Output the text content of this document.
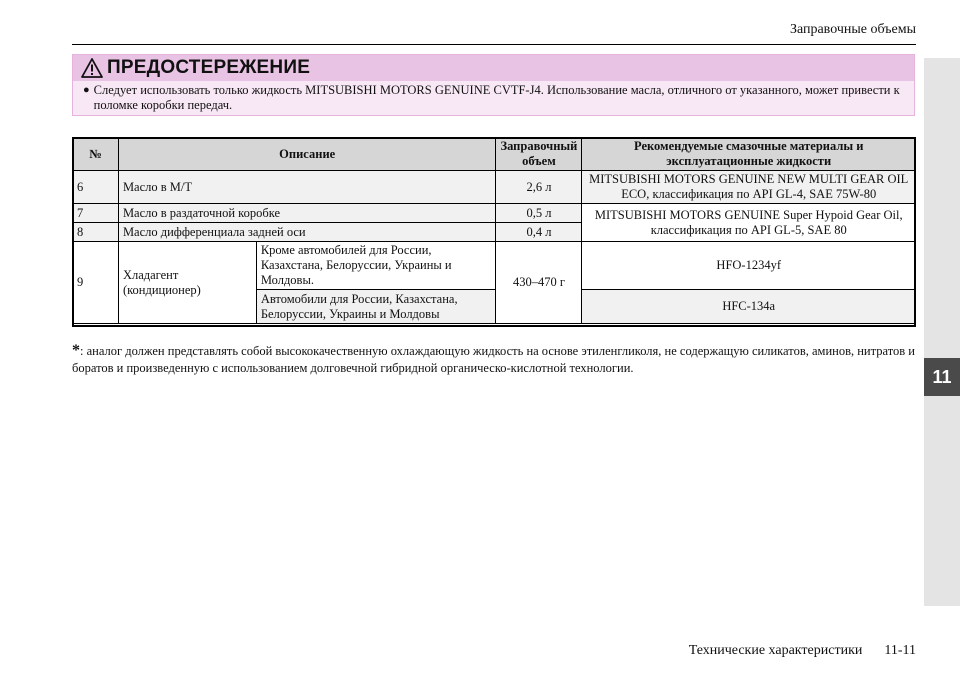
Заправочные объемы
11
ПРЕДОСТЕРЕЖЕНИЕ
● Следует использовать только жидкость MITSUBISHI MOTORS GENUINE CVTF-J4. Использование масла, отличного от указанного, может привести к поломке коробки передач.
№	Описание		Заправочный объем	Рекомендуемые смазочные материалы и эксплуатационные жидкости
6	Масло в М/Т		2,6 л	MITSUBISHI MOTORS GENUINE NEW MULTI GEAR OIL ECO, классификация по API GL-4, SAE 75W-80
7	Масло в раздаточной коробке		0,5 л	MITSUBISHI MOTORS GENUINE Super Hypoid Gear Oil, классификация по API GL-5, SAE 80
8	Масло дифференциала задней оси		0,4 л	
9	Хладагент (кондиционер)	Кроме автомобилей для России, Казахстана, Белоруссии, Украины и Молдовы.	430–470 г	HFO-1234yf
		Автомобили для России, Казахстана, Белоруссии, Украины и Молдовы		HFC-134a
*: аналог должен представлять собой высококачественную охлаждающую жидкость на основе этиленгликоля, не содержащую силикатов, аминов, нитратов и боратов и произведенную с использованием долговечной гибридной органическо-кислотной технологии.
Технические характеристики 11-11
